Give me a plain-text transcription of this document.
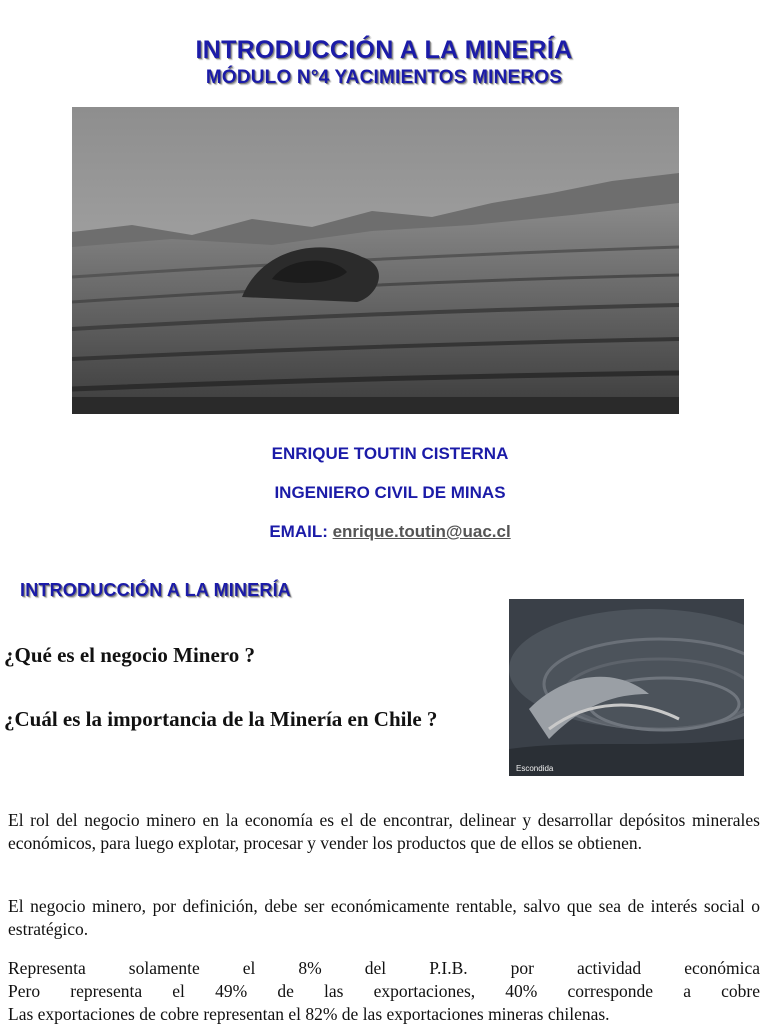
INTRODUCCIÓN A LA MINERÍA
MÓDULO N°4 YACIMIENTOS MINEROS
ENRIQUE TOUTIN CISTERNA
INGENIERO CIVIL DE MINAS
EMAIL: enrique.toutin@uac.cl
INTRODUCCIÓN A LA MINERÍA
¿Qué es el negocio Minero ?
¿Cuál es la importancia de la Minería en Chile ?
Escondida

El rol del negocio minero en la economía es el de encontrar, delinear y desarrollar depósitos minerales económicos, para luego explotar, procesar y vender los productos que de ellos se obtienen.

El negocio minero, por definición, debe ser económicamente rentable, salvo que sea de interés social o estratégico.

Representa solamente el 8% del P.I.B. por actividad económica
Pero representa el 49% de las exportaciones, 40% corresponde a cobre
Las exportaciones de cobre representan el 82% de las exportaciones mineras chilenas.
